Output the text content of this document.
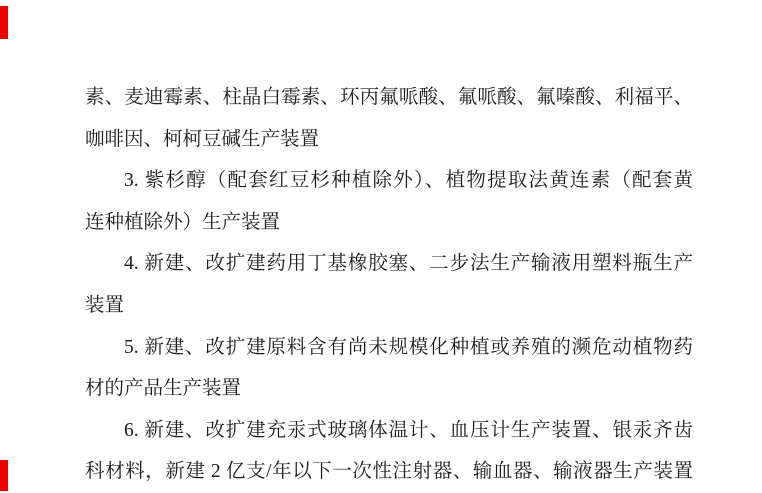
素、麦迪霉素、柱晶白霉素、环丙氟哌酸、氟哌酸、氟嗪酸、利福平、
咖啡因、柯柯豆碱生产装置
3. 紫杉醇（配套红豆杉种植除外）、植物提取法黄连素（配套黄
连种植除外）生产装置
4. 新建、改扩建药用丁基橡胶塞、二步法生产输液用塑料瓶生产
装置
5. 新建、改扩建原料含有尚未规模化种植或养殖的濒危动植物药
材的产品生产装置
6. 新建、改扩建充汞式玻璃体温计、血压计生产装置、银汞齐齿
科材料，新建 2 亿支/年以下一次性注射器、输血器、输液器生产装置
